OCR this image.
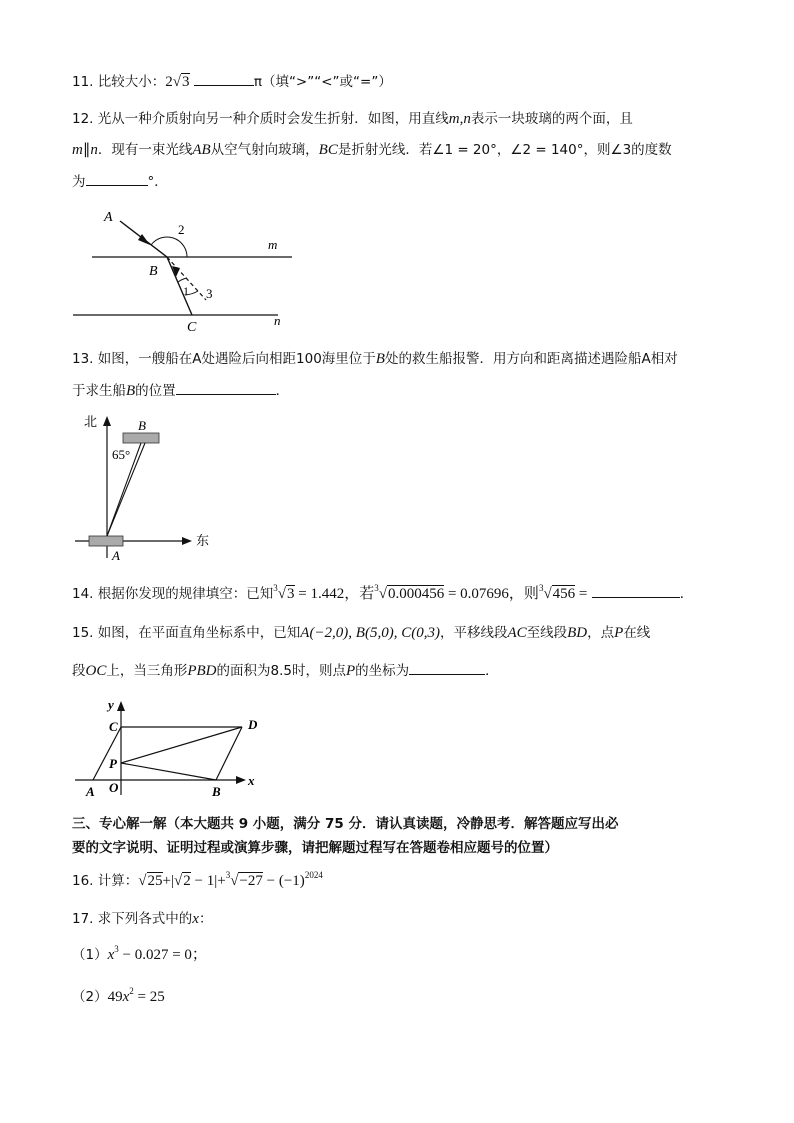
11. 比较大小：2√3	π（填“>”“<”或“=”）
12. 光从一种介质射向另一种介质时会发生折射．如图，用直线m,n表示一块玻璃的两个面，且
m∥n．现有一束光线AB从空气射向玻璃，BC是折射光线．若∠1 = 20°，∠2 = 140°，则∠3的度数
为	°．
A
2
m
B
1 3
C	n
13. 如图，一艘船在A处遇险后向相距100海里位于B处的救生船报警．用方向和距离描述遇险船A相对
于求生船B的位置	．
北
东
B
65°
A
14. 根据你发现的规律填空：已知$^3$√3 = 1.442，若$^3$√0.000456 = 0.07696，则$^3$√456 =	．
15. 如图，在平面直角坐标系中，已知A(−2,0), B(5,0), C(0,3)，平移线段AC至线段BD，点P在线
段OC上，当三角形PBD的面积为8.5时，则点P的坐标为	．
y
x
C	D
P
O
A	B
三、专心解一解（本大题共 9 小题，满分 75 分．请认真读题，冷静思考．解答题应写出必
要的文字说明、证明过程或演算步骤，请把解题过程写在答题卷相应题号的位置）
16. 计算：$√25+|√2 - 1|+^3√-27 - (-1)^{2024}$
17. 求下列各式中的x：
$(1)x^3 - 0.027 = 0$；
$(2)49x^2 = 25$
